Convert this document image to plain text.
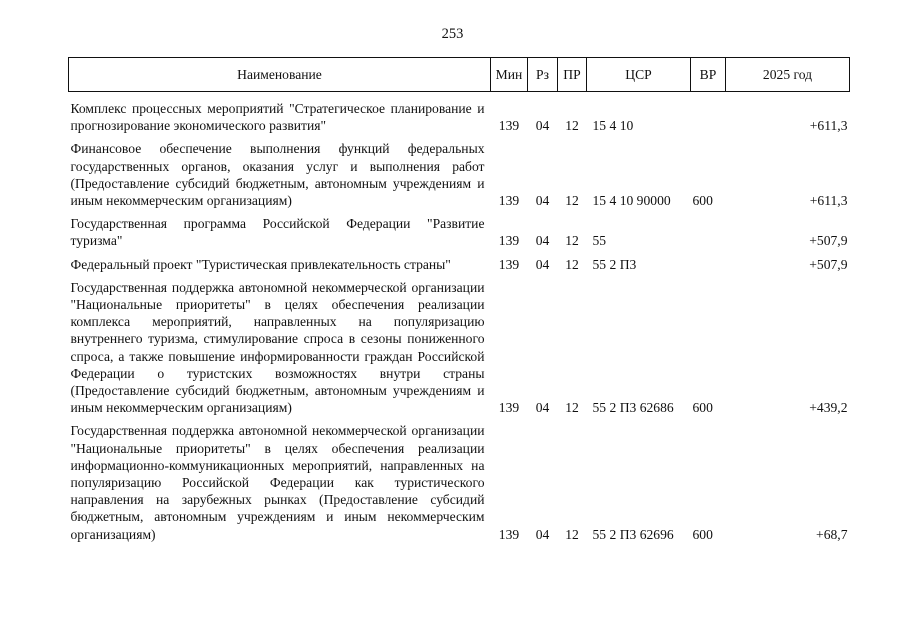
253
Наименование	Мин	Рз	ПР	ЦСР	ВР	2025 год
Комплекс процессных мероприятий "Стратегическое планирование и прогнозирование экономического развития"	139	04	12	15 4 10		+611,3
Финансовое обеспечение выполнения функций федеральных государственных органов, оказания услуг и выполнения работ (Предоставление субсидий бюджетным, автономным учреждениям и иным некоммерческим организациям)	139	04	12	15 4 10 90000	600	+611,3
Государственная программа Российской Федерации "Развитие туризма"	139	04	12	55		+507,9
Федеральный проект "Туристическая привлекательность страны"	139	04	12	55 2 П3		+507,9
Государственная поддержка автономной некоммерческой организации "Национальные приоритеты" в целях обеспечения реализации комплекса мероприятий, направленных на популяризацию внутреннего туризма, стимулирование спроса в сезоны пониженного спроса, а также повышение информированности граждан Российской Федерации о туристских возможностях внутри страны (Предоставление субсидий бюджетным, автономным учреждениям и иным некоммерческим организациям)	139	04	12	55 2 П3 62686	600	+439,2
Государственная поддержка автономной некоммерческой организации "Национальные приоритеты" в целях обеспечения реализации информационно-коммуникационных мероприятий, направленных на популяризацию Российской Федерации как туристического направления на зарубежных рынках (Предоставление субсидий бюджетным, автономным учреждениям и иным некоммерческим организациям)	139	04	12	55 2 П3 62696	600	+68,7
